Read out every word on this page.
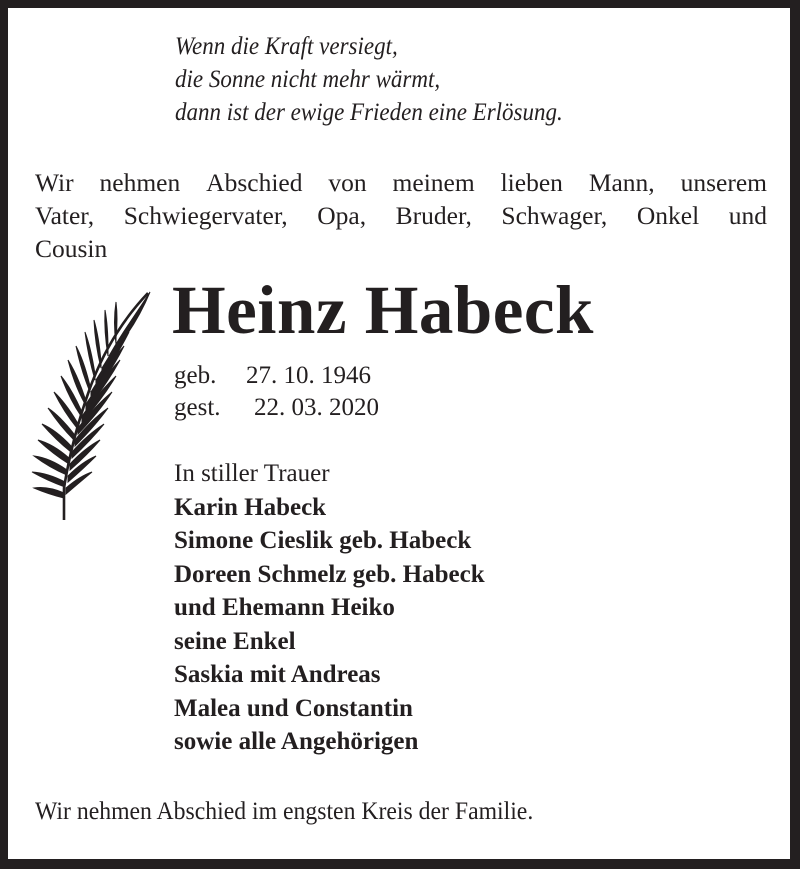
Wenn die Kraft versiegt,
die Sonne nicht mehr wärmt,
dann ist der ewige Frieden eine Erlösung.
Wir nehmen Abschied von meinem lieben Mann, unserem
Vater, Schwiegervater, Opa, Bruder, Schwager, Onkel und
Cousin
Heinz Habeck
geb.	27. 10. 1946
gest.	22. 03. 2020
In stiller Trauer
Karin Habeck
Simone Cieslik geb. Habeck
Doreen Schmelz geb. Habeck
und Ehemann Heiko
seine Enkel
Saskia mit Andreas
Malea und Constantin
sowie alle Angehörigen
Wir nehmen Abschied im engsten Kreis der Familie.
